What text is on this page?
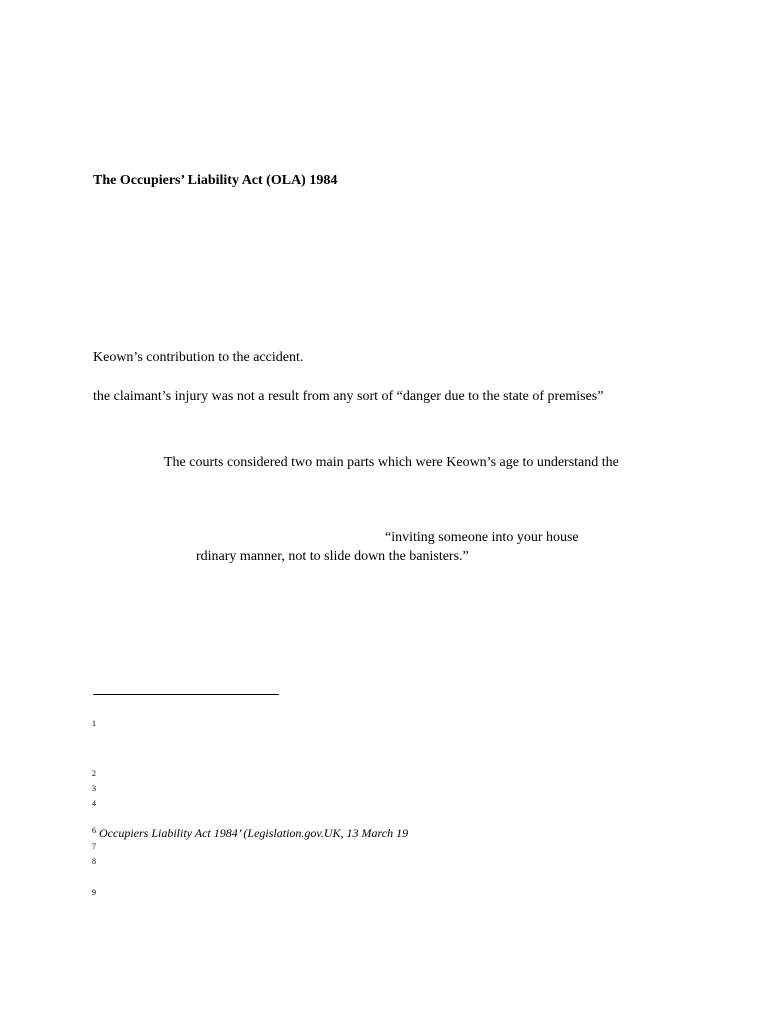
The Occupiers’ Liability Act (OLA) 1984
Keown’s contribution to the accident.
the claimant’s injury was not a result from any sort of “danger due to the state of premises”
The courts considered two main parts which were Keown’s age to understand the
“inviting someone into your house
rdinary manner, not to slide down the banisters.”
1
2
3
4
$^6$ Occupiers Liability Act 1984’ (Legislation.gov.UK, 13 March 19
7
8
9
